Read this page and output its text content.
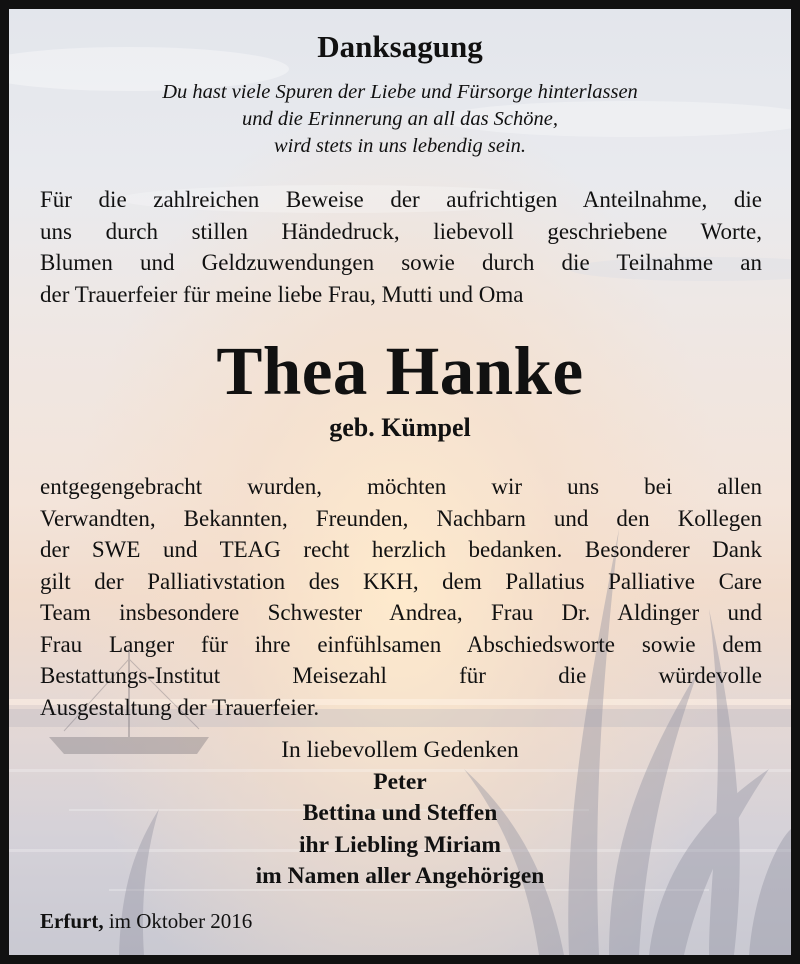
Danksagung
Du hast viele Spuren der Liebe und Fürsorge hinterlassen
und die Erinnerung an all das Schöne,
wird stets in uns lebendig sein.
Für die zahlreichen Beweise der aufrichtigen Anteilnahme, die
uns durch stillen Händedruck, liebevoll geschriebene Worte,
Blumen und Geldzuwendungen sowie durch die Teilnahme an
der Trauerfeier für meine liebe Frau, Mutti und Oma
Thea Hanke
geb. Kümpel
entgegengebracht wurden, möchten wir uns bei allen
Verwandten, Bekannten, Freunden, Nachbarn und den Kollegen
der SWE und TEAG recht herzlich bedanken. Besonderer Dank
gilt der Palliativstation des KKH, dem Pallatius Palliative Care
Team insbesondere Schwester Andrea, Frau Dr. Aldinger und
Frau Langer für ihre einfühlsamen Abschiedsworte sowie dem
Bestattungs-Institut Meisezahl für die würdevolle
Ausgestaltung der Trauerfeier.
In liebevollem Gedenken
Peter
Bettina und Steffen
ihr Liebling Miriam
im Namen aller Angehörigen
Erfurt, im Oktober 2016
